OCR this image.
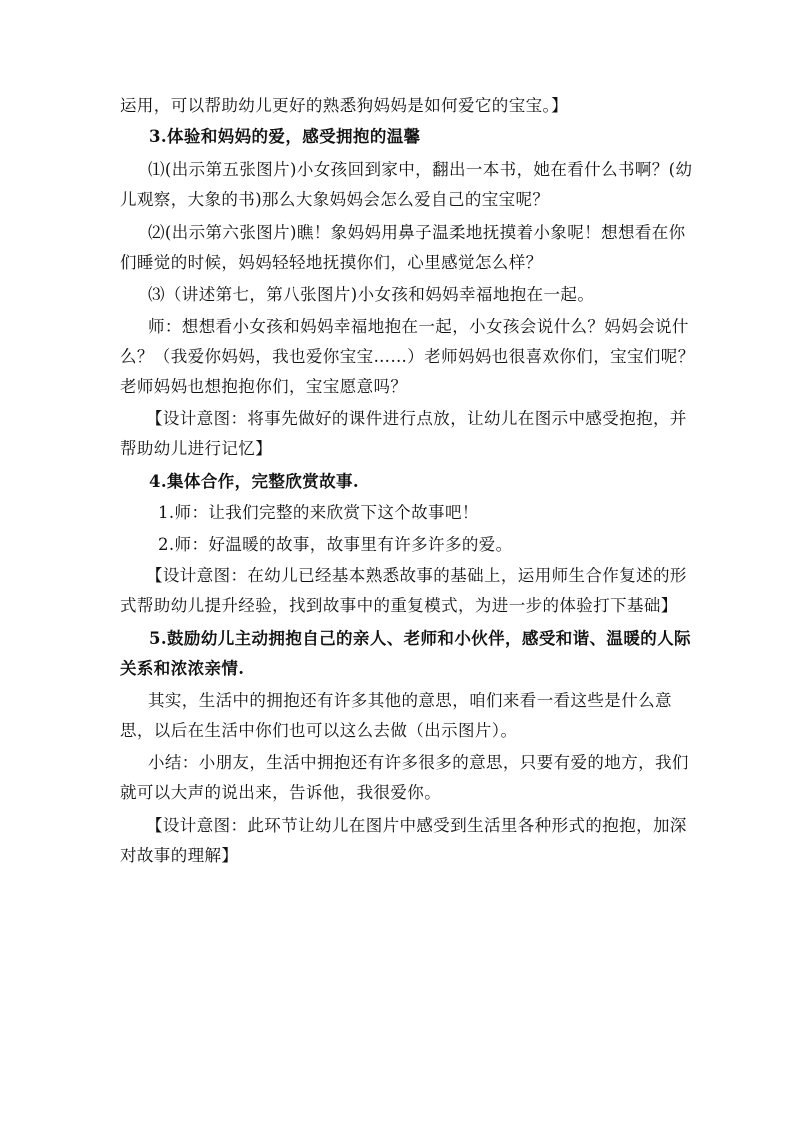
运用，可以帮助幼儿更好的熟悉狗妈妈是如何爱它的宝宝。】
3.体验和妈妈的爱，感受拥抱的温馨
⑴(出示第五张图片)小女孩回到家中，翻出一本书，她在看什么书啊？(幼
儿观察，大象的书)那么大象妈妈会怎么爱自己的宝宝呢？
⑵(出示第六张图片)瞧！象妈妈用鼻子温柔地抚摸着小象呢！想想看在你
们睡觉的时候，妈妈轻轻地抚摸你们，心里感觉怎么样？
⑶（讲述第七，第八张图片)小女孩和妈妈幸福地抱在一起。
师：想想看小女孩和妈妈幸福地抱在一起，小女孩会说什么？妈妈会说什
么？（我爱你妈妈，我也爱你宝宝……）老师妈妈也很喜欢你们，宝宝们呢？
老师妈妈也想抱抱你们，宝宝愿意吗？
【设计意图：将事先做好的课件进行点放，让幼儿在图示中感受抱抱，并
帮助幼儿进行记忆】
4.集体合作，完整欣赏故事.
1.师：让我们完整的来欣赏下这个故事吧！
2.师：好温暖的故事，故事里有许多许多的爱。
【设计意图：在幼儿已经基本熟悉故事的基础上，运用师生合作复述的形
式帮助幼儿提升经验，找到故事中的重复模式，为进一步的体验打下基础】
5.鼓励幼儿主动拥抱自己的亲人、老师和小伙伴，感受和谐、温暖的人际
关系和浓浓亲情.
其实，生活中的拥抱还有许多其他的意思，咱们来看一看这些是什么意
思，以后在生活中你们也可以这么去做（出示图片）。
小结：小朋友，生活中拥抱还有许多很多的意思，只要有爱的地方，我们
就可以大声的说出来，告诉他，我很爱你。
【设计意图：此环节让幼儿在图片中感受到生活里各种形式的抱抱，加深
对故事的理解】
